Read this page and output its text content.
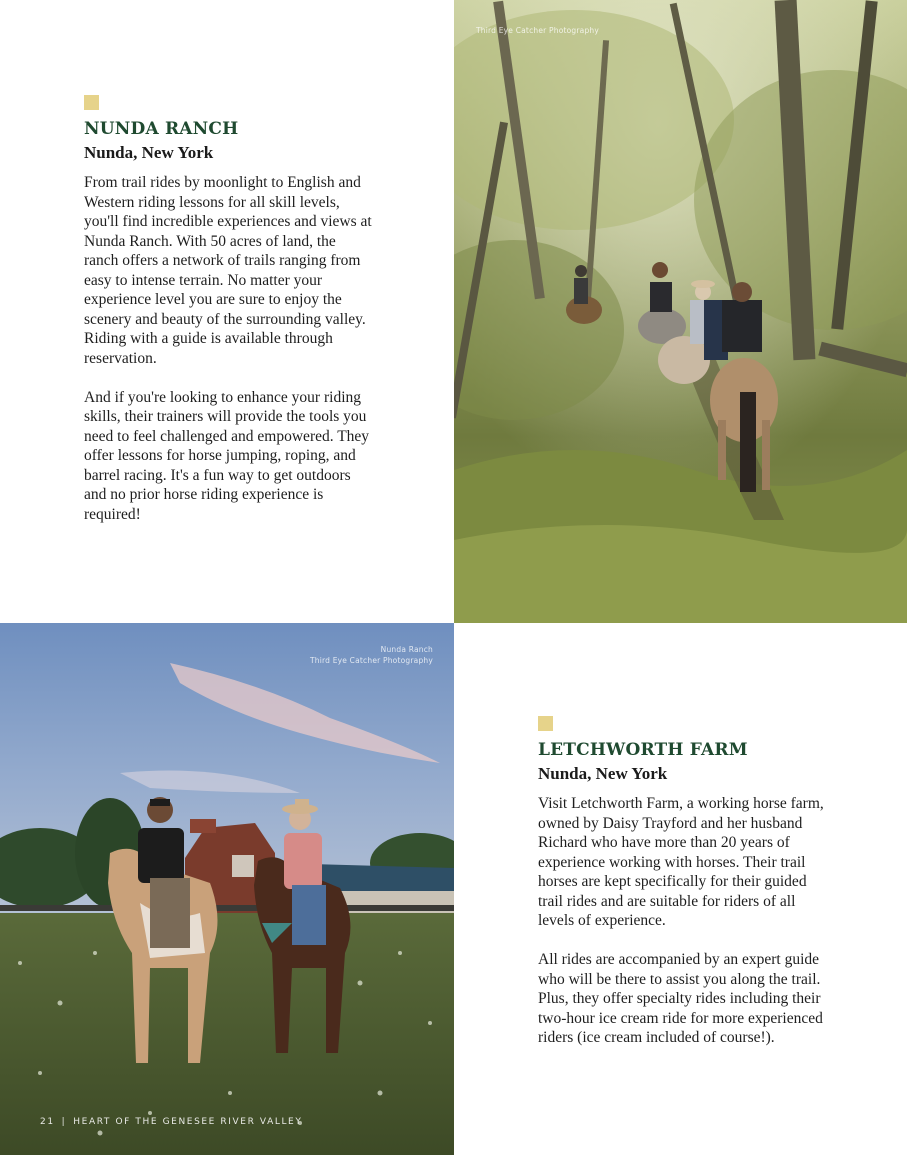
NUNDA RANCH
Nunda, New York

From trail rides by moonlight to English and Western riding lessons for all skill levels, you'll find incredible experiences and views at Nunda Ranch. With 50 acres of land, the ranch offers a network of trails ranging from easy to intense terrain. No matter your experience level you are sure to enjoy the scenery and beauty of the surrounding valley. Riding with a guide is available through reservation.

And if you're looking to enhance your riding skills, their trainers will provide the tools you need to feel challenged and empowered. They offer lessons for horse jumping, roping, and barrel racing. It's a fun way to get outdoors and no prior horse riding experience is required!

Third Eye Catcher Photography
Nunda Ranch
Third Eye Catcher Photography
21 | HEART OF THE GENESEE RIVER VALLEY
LETCHWORTH FARM
Nunda, New York

Visit Letchworth Farm, a working horse farm, owned by Daisy Trayford and her husband Richard who have more than 20 years of experience working with horses. Their trail horses are kept specifically for their guided trail rides and are suitable for riders of all levels of experience.

All rides are accompanied by an expert guide who will be there to assist you along the trail. Plus, they offer specialty rides including their two-hour ice cream ride for more experienced riders (ice cream included of course!).
